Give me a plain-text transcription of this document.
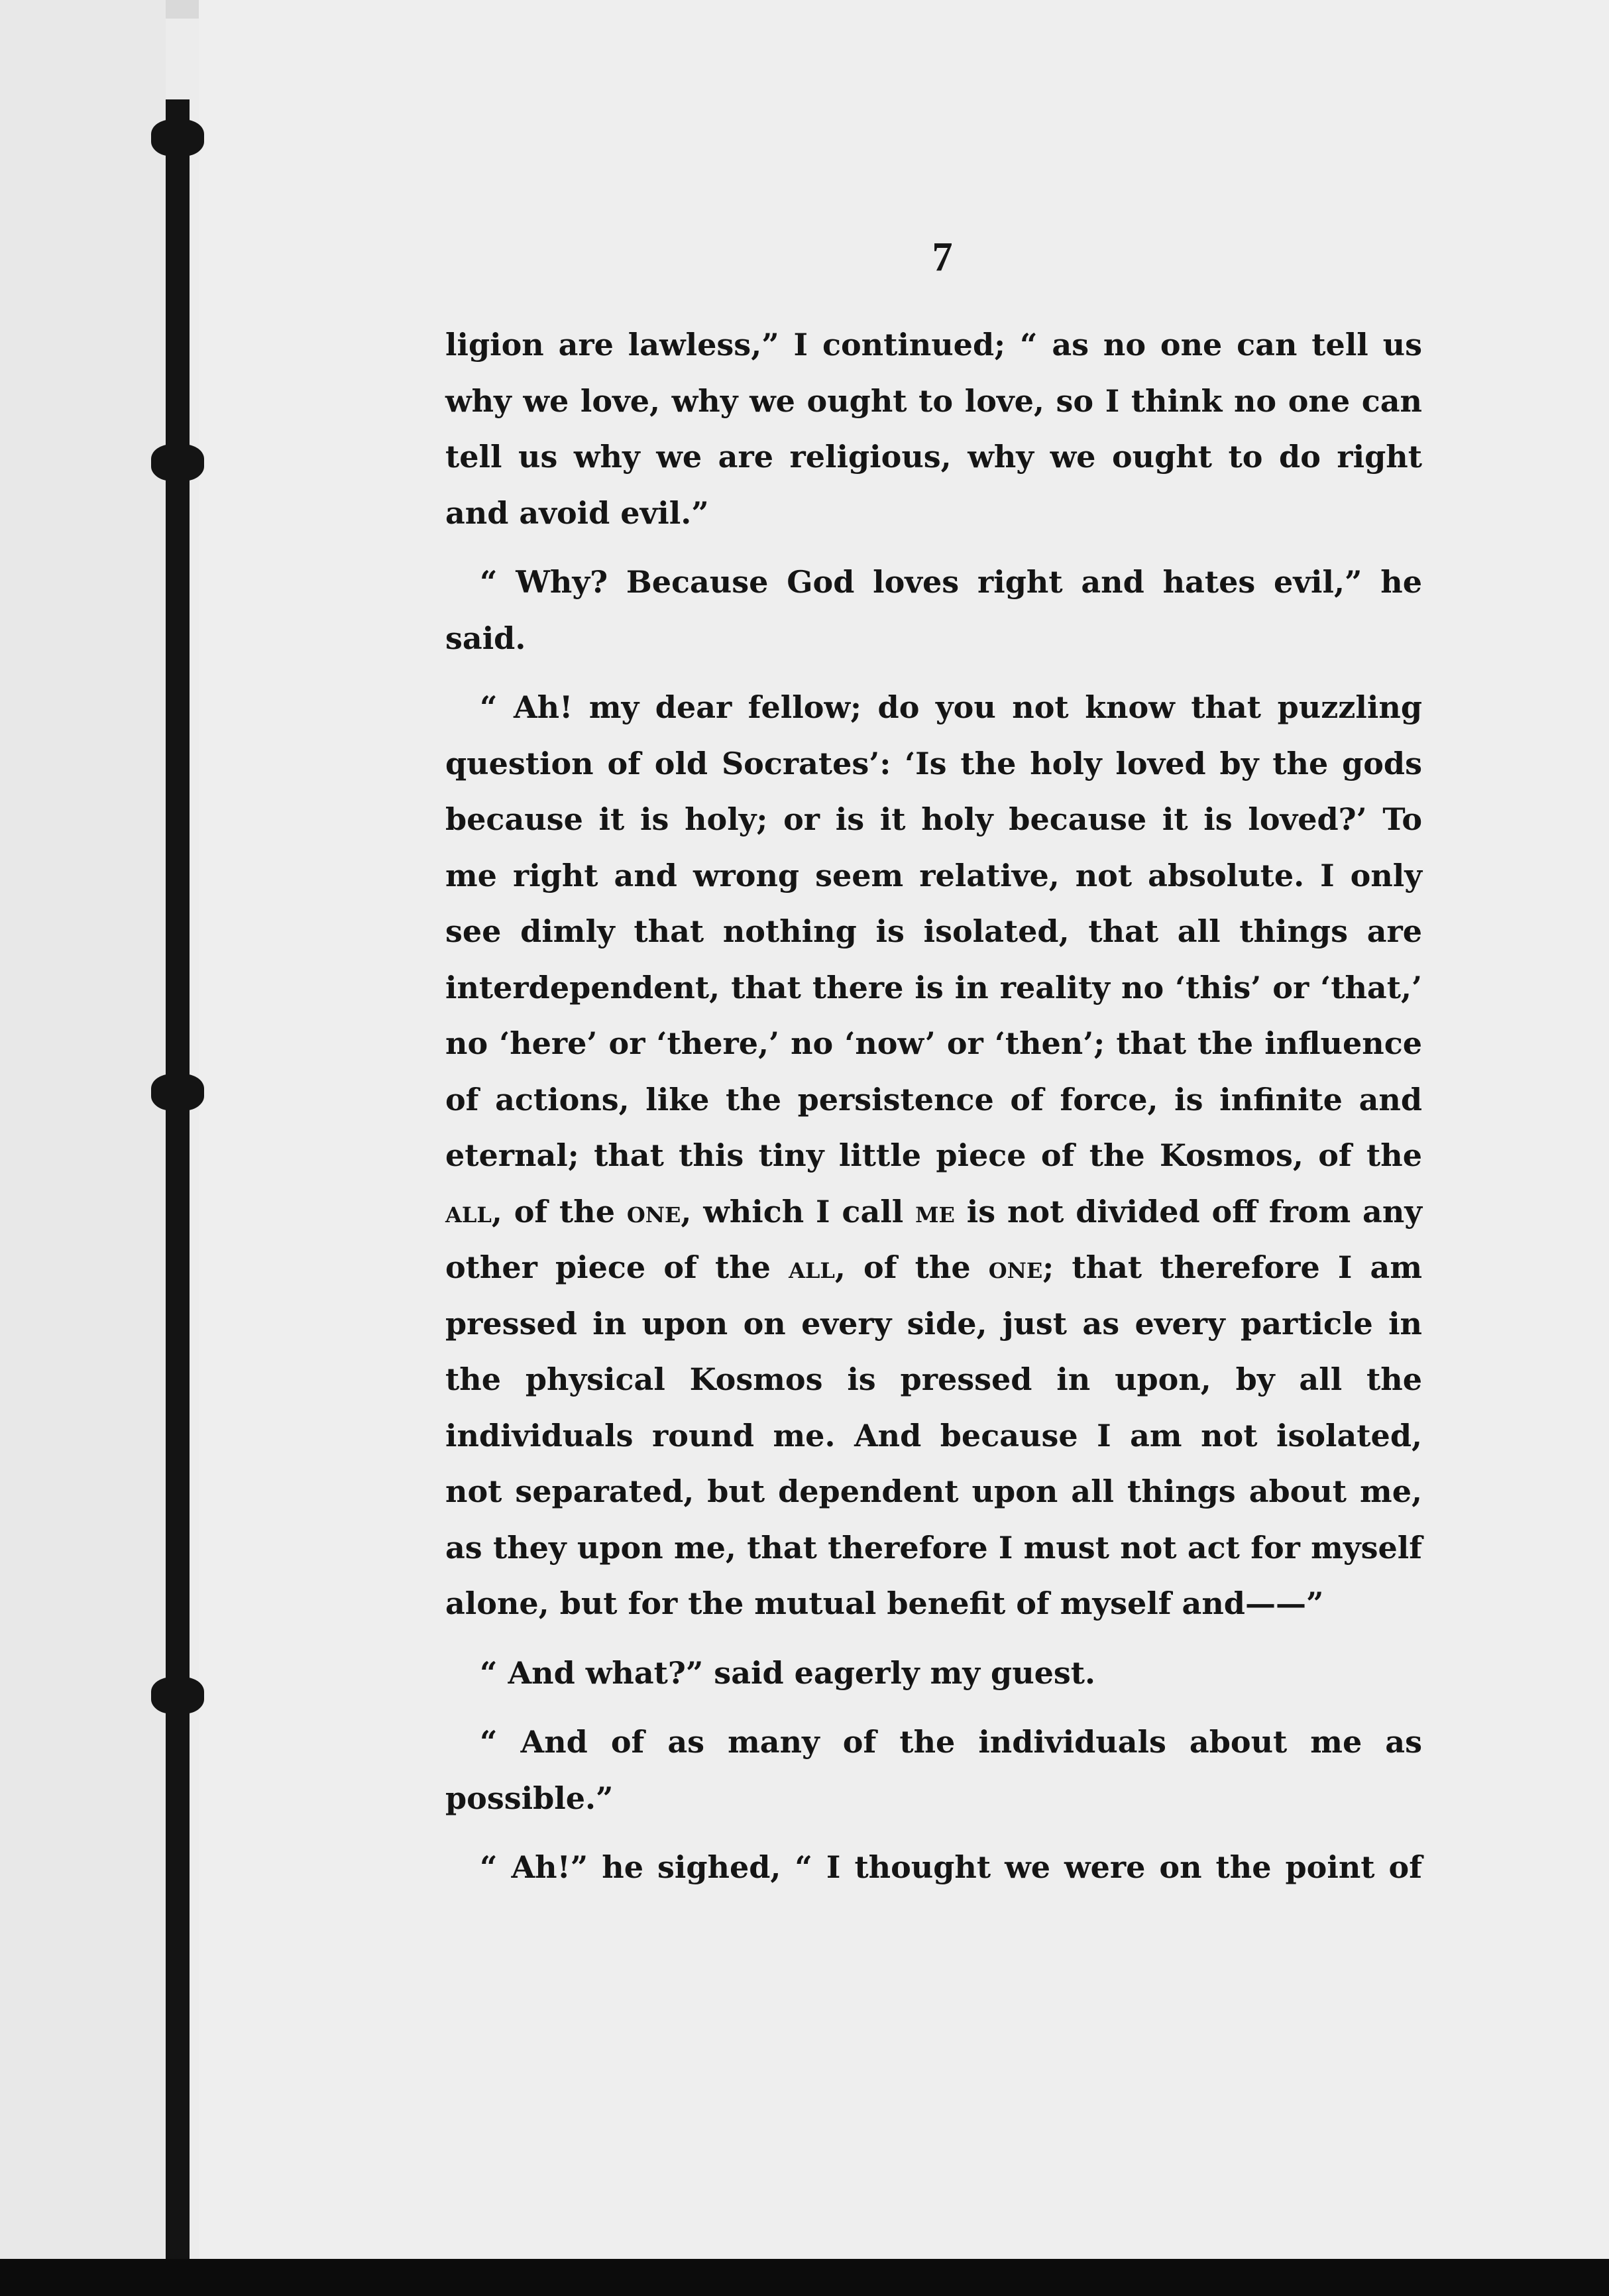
7

ligion are lawless,” I continued; “ as no one can tell us why we love, why we ought to love, so I think no one can tell us why we are religious, why we ought to do right and avoid evil.”

“ Why? Because God loves right and hates evil,” he said.

“ Ah! my dear fellow; do you not know that puzzling question of old Socrates’: ‘Is the holy loved by the gods because it is holy; or is it holy because it is loved?’ To me right and wrong seem relative, not absolute. I only see dimly that nothing is isolated, that all things are interdependent, that there is in reality no ‘this’ or ‘that,’ no ‘here’ or ‘there,’ no ‘now’ or ‘then’; that the influence of actions, like the persistence of force, is infinite and eternal; that this tiny little piece of the Kosmos, of the all, of the one, which I call me is not divided off from any other piece of the all, of the one; that therefore I am pressed in upon on every side, just as every particle in the physical Kosmos is pressed in upon, by all the individuals round me. And because I am not isolated, not separated, but dependent upon all things about me, as they upon me, that therefore I must not act for myself alone, but for the mutual benefit of myself and——”

“ And what?” said eagerly my guest.

“ And of as many of the individuals about me as possible.”

“ Ah!” he sighed, “ I thought we were on the point of
